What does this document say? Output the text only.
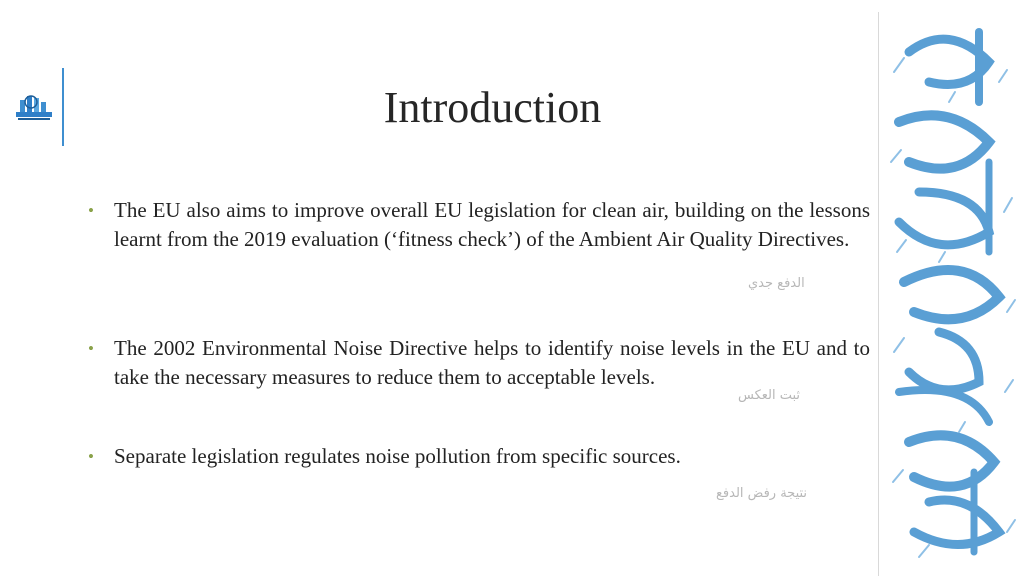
Introduction
• The EU also aims to improve overall EU legislation for clean air, building on the lessons learnt from the 2019 evaluation (‘fitness check’) of the Ambient Air Quality Directives.
• The 2002 Environmental Noise Directive helps to identify noise levels in the EU and to take the necessary measures to reduce them to acceptable levels.
• Separate legislation regulates noise pollution from specific sources.
الدفع جدي
ثبت العكس
نتيجة رفض الدفع
كلية القانون جامعة قطر
